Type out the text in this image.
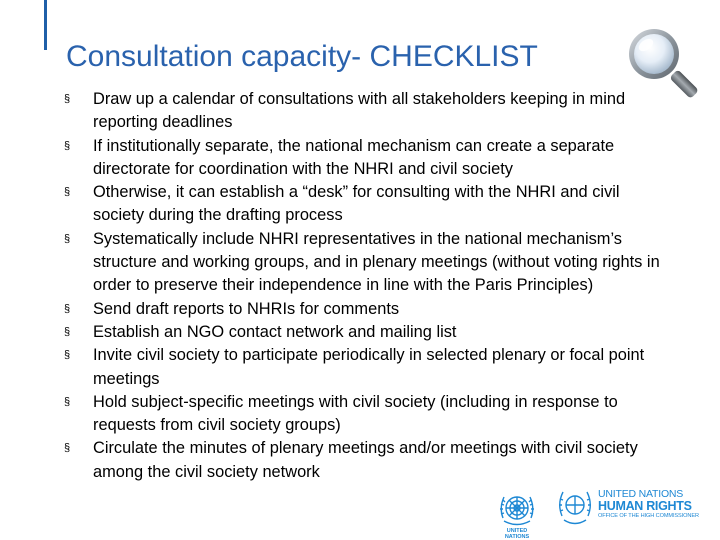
Consultation capacity- CHECKLIST
§ Draw up a calendar of consultations with all stakeholders keeping in mind reporting deadlines
§ If institutionally separate, the national mechanism can create a separate directorate for coordination with the NHRI and civil society
§ Otherwise, it can establish a “desk” for consulting with the NHRI and civil society during the drafting process
§ Systematically include NHRI representatives in the national mechanism’s structure and working groups, and in plenary meetings (without voting rights in order to preserve their independence in line with the Paris Principles)
§ Send draft reports to NHRIs for comments
§ Establish an NGO contact network and mailing list
§ Invite civil society to participate periodically in selected plenary or focal point meetings
§ Hold subject-specific meetings with civil society (including in response to requests from civil society groups)
§ Circulate the minutes of plenary meetings and/or meetings with civil society among the civil society network
UNITED NATIONS
UNITED NATIONS
HUMAN RIGHTS
OFFICE OF THE HIGH COMMISSIONER
